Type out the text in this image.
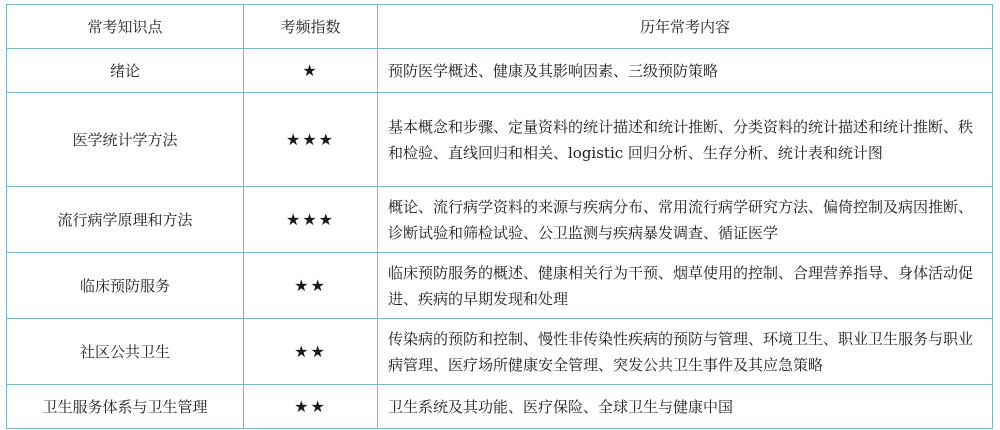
常考知识点	考频指数	历年常考内容
绪论	★	预防医学概述、健康及其影响因素、三级预防策略
医学统计学方法	★★★	基本概念和步骤、定量资料的统计描述和统计推断、分类资料的统计描述和统计推断、秩和检验、直线回归和相关、logistic 回归分析、生存分析、统计表和统计图
流行病学原理和方法	★★★	概论、流行病学资料的来源与疾病分布、常用流行病学研究方法、偏倚控制及病因推断、诊断试验和筛检试验、公卫监测与疾病暴发调查、循证医学
临床预防服务	★★	临床预防服务的概述、健康相关行为干预、烟草使用的控制、合理营养指导、身体活动促进、疾病的早期发现和处理
社区公共卫生	★★	传染病的预防和控制、慢性非传染性疾病的预防与管理、环境卫生、职业卫生服务与职业病管理、医疗场所健康安全管理、突发公共卫生事件及其应急策略
卫生服务体系与卫生管理	★★	卫生系统及其功能、医疗保险、全球卫生与健康中国
